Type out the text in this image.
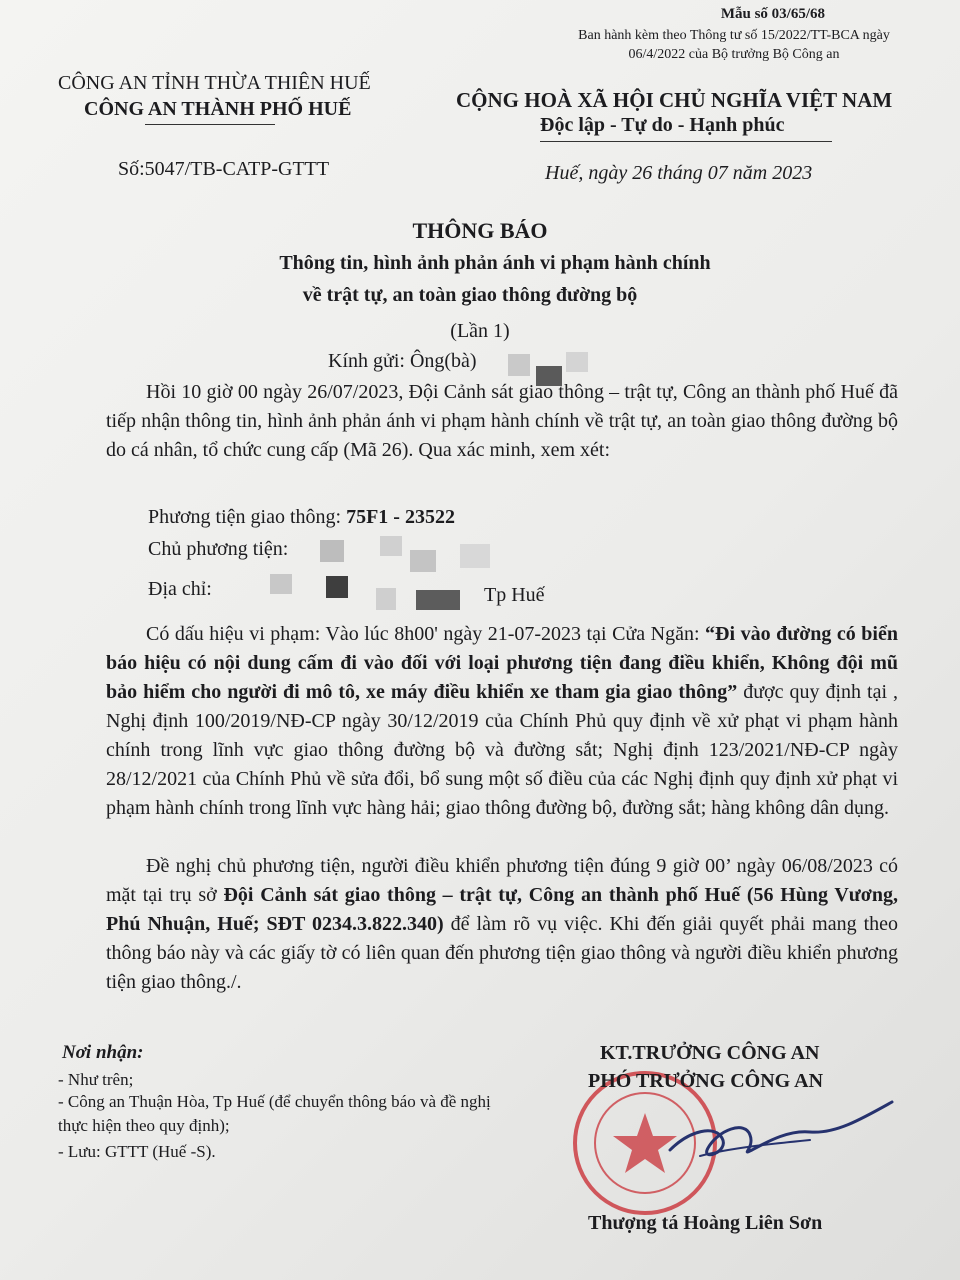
Mẫu số 03/65/68
Ban hành kèm theo Thông tư số 15/2022/TT-BCA ngày 06/4/2022 của Bộ trưởng Bộ Công an
CÔNG AN TỈNH THỪA THIÊN HUẾ
CÔNG AN THÀNH PHỐ HUẾ
Số:5047/TB-CATP-GTTT
CỘNG HOÀ XÃ HỘI CHỦ NGHĨA VIỆT NAM
Độc lập - Tự do - Hạnh phúc
Huế, ngày 26 tháng 07 năm 2023
THÔNG BÁO
Thông tin, hình ảnh phản ánh vi phạm hành chính
về trật tự, an toàn giao thông đường bộ
(Lần 1)
Kính gửi: Ông(bà)
Hồi 10 giờ 00 ngày 26/07/2023, Đội Cảnh sát giao thông – trật tự, Công an thành phố Huế đã tiếp nhận thông tin, hình ảnh phản ánh vi phạm hành chính về trật tự, an toàn giao thông đường bộ do cá nhân, tổ chức cung cấp (Mã 26). Qua xác minh, xem xét:
Phương tiện giao thông: 75F1 - 23522
Chủ phương tiện:
Địa chỉ:	Tp Huế
Có dấu hiệu vi phạm: Vào lúc 8h00' ngày 21-07-2023 tại Cửa Ngăn: “Đi vào đường có biển báo hiệu có nội dung cấm đi vào đối với loại phương tiện đang điều khiển, Không đội mũ bảo hiểm cho người đi mô tô, xe máy điều khiển xe tham gia giao thông” được quy định tại , Nghị định 100/2019/NĐ-CP ngày 30/12/2019 của Chính Phủ quy định về xử phạt vi phạm hành chính trong lĩnh vực giao thông đường bộ và đường sắt; Nghị định 123/2021/NĐ-CP ngày 28/12/2021 của Chính Phủ về sửa đổi, bổ sung một số điều của các Nghị định quy định xử phạt vi phạm hành chính trong lĩnh vực hàng hải; giao thông đường bộ, đường sắt; hàng không dân dụng.
Đề nghị chủ phương tiện, người điều khiển phương tiện đúng 9 giờ 00’ ngày 06/08/2023 có mặt tại trụ sở Đội Cảnh sát giao thông – trật tự, Công an thành phố Huế (56 Hùng Vương, Phú Nhuận, Huế; SĐT 0234.3.822.340) để làm rõ vụ việc. Khi đến giải quyết phải mang theo thông báo này và các giấy tờ có liên quan đến phương tiện giao thông và người điều khiển phương tiện giao thông./.
Nơi nhận:
- Như trên;
- Công an Thuận Hòa, Tp Huế (để chuyển thông báo và đề nghị thực hiện theo quy định);
- Lưu: GTTT (Huế -S).
KT.TRƯỞNG CÔNG AN
PHÓ TRƯỞNG CÔNG AN
Thượng tá Hoàng Liên Sơn
